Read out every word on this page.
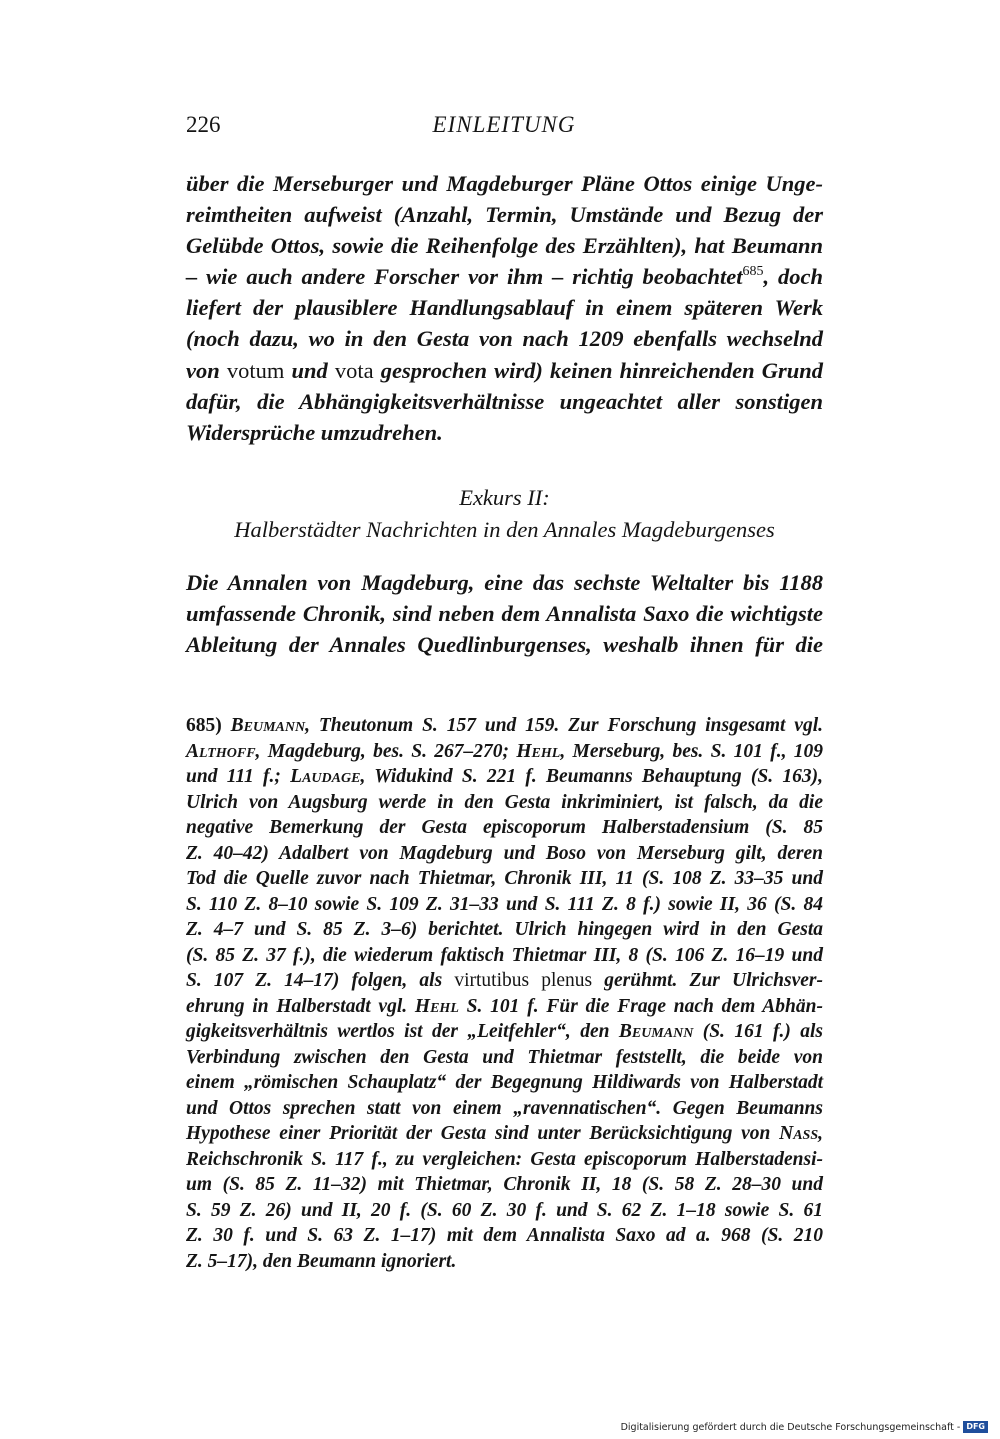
226	EINLEITUNG
über die Merseburger und Magdeburger Pläne Ottos einige Unge-
reimtheiten aufweist (Anzahl, Termin, Umstände und Bezug der
Gelübde Ottos, sowie die Reihenfolge des Erzählten), hat Beumann
– wie auch andere Forscher vor ihm – richtig beobachtet$^{685}$, doch
liefert der plausiblere Handlungsablauf in einem späteren Werk
(noch dazu, wo in den Gesta von nach 1209 ebenfalls wechselnd
von votum und vota gesprochen wird) keinen hinreichenden Grund
dafür, die Abhängigkeitsverhältnisse ungeachtet aller sonstigen
Widersprüche umzudrehen.
Exkurs II:
Halberstädter Nachrichten in den Annales Magdeburgenses
Die Annalen von Magdeburg, eine das sechste Weltalter bis 1188
umfassende Chronik, sind neben dem Annalista Saxo die wichtigste
Ableitung der Annales Quedlinburgenses, weshalb ihnen für die
685) Beumann, Theutonum S. 157 und 159. Zur Forschung insgesamt vgl.
Althoff, Magdeburg, bes. S. 267–270; Hehl, Merseburg, bes. S. 101 f., 109
und 111 f.; Laudage, Widukind S. 221 f. Beumanns Behauptung (S. 163),
Ulrich von Augsburg werde in den Gesta inkriminiert, ist falsch, da die
negative Bemerkung der Gesta episcoporum Halberstadensium (S. 85
Z. 40–42) Adalbert von Magdeburg und Boso von Merseburg gilt, deren
Tod die Quelle zuvor nach Thietmar, Chronik III, 11 (S. 108 Z. 33–35 und
S. 110 Z. 8–10 sowie S. 109 Z. 31–33 und S. 111 Z. 8 f.) sowie II, 36 (S. 84
Z. 4–7 und S. 85 Z. 3–6) berichtet. Ulrich hingegen wird in den Gesta
(S. 85 Z. 37 f.), die wiederum faktisch Thietmar III, 8 (S. 106 Z. 16–19 und
S. 107 Z. 14–17) folgen, als virtutibus plenus gerühmt. Zur Ulrichsver-
ehrung in Halberstadt vgl. Hehl S. 101 f. Für die Frage nach dem Abhän-
gigkeitsverhältnis wertlos ist der „Leitfehler“, den Beumann (S. 161 f.) als
Verbindung zwischen den Gesta und Thietmar feststellt, die beide von
einem „römischen Schauplatz“ der Begegnung Hildiwards von Halberstadt
und Ottos sprechen statt von einem „ravennatischen“. Gegen Beumanns
Hypothese einer Priorität der Gesta sind unter Berücksichtigung von Nass,
Reichschronik S. 117 f., zu vergleichen: Gesta episcoporum Halberstadensi-
um (S. 85 Z. 11–32) mit Thietmar, Chronik II, 18 (S. 58 Z. 28–30 und
S. 59 Z. 26) und II, 20 f. (S. 60 Z. 30 f. und S. 62 Z. 1–18 sowie S. 61
Z. 30 f. und S. 63 Z. 1–17) mit dem Annalista Saxo ad a. 968 (S. 210
Z. 5–17), den Beumann ignoriert.
Digitalisierung gefördert durch die Deutsche Forschungsgemeinschaft - DFG
